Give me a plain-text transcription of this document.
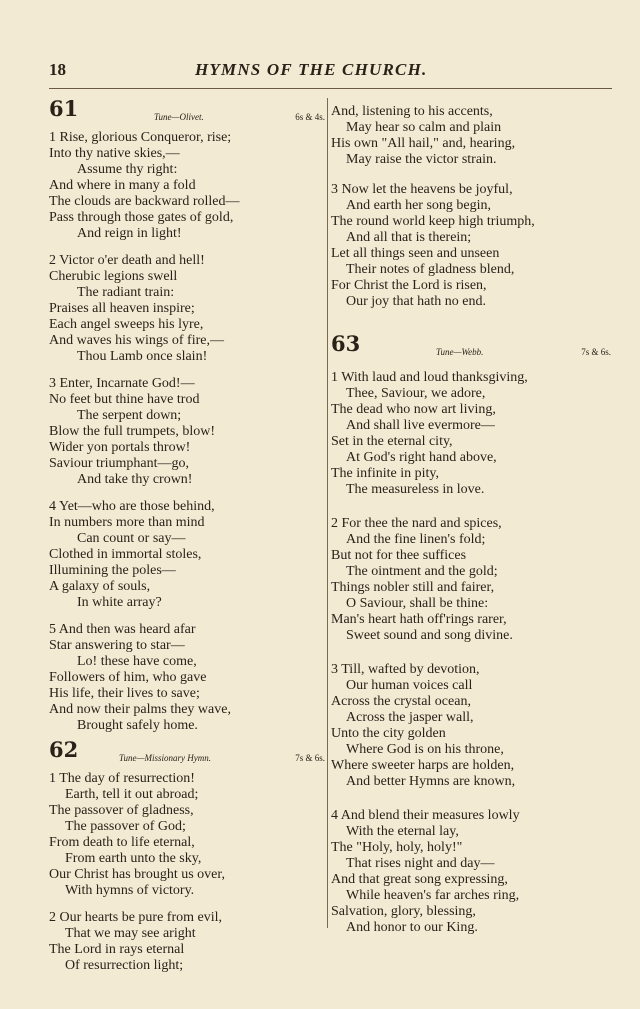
18	HYMNS OF THE CHURCH.
61	Tune—Olivet.	6s & 4s.
1 Rise, glorious Conqueror, rise;
Into thy native skies,—
Assume thy right:
And where in many a fold
The clouds are backward rolled—
Pass through those gates of gold,
And reign in light!
2 Victor o'er death and hell!
Cherubic legions swell
The radiant train:
Praises all heaven inspire;
Each angel sweeps his lyre,
And waves his wings of fire,—
Thou Lamb once slain!
3 Enter, Incarnate God!—
No feet but thine have trod
The serpent down;
Blow the full trumpets, blow!
Wider yon portals throw!
Saviour triumphant—go,
And take thy crown!
4 Yet—who are those behind,
In numbers more than mind
Can count or say—
Clothed in immortal stoles,
Illumining the poles—
A galaxy of souls,
In white array?
5 And then was heard afar
Star answering to star—
Lo! these have come,
Followers of him, who gave
His life, their lives to save;
And now their palms they wave,
Brought safely home.
62	Tune—Missionary Hymn.	7s & 6s.
1 The day of resurrection!
Earth, tell it out abroad;
The passover of gladness,
The passover of God;
From death to life eternal,
From earth unto the sky,
Our Christ has brought us over,
With hymns of victory.
2 Our hearts be pure from evil,
That we may see aright
The Lord in rays eternal
Of resurrection light;
And, listening to his accents,
May hear so calm and plain
His own "All hail," and, hearing,
May raise the victor strain.
3 Now let the heavens be joyful,
And earth her song begin,
The round world keep high triumph,
And all that is therein;
Let all things seen and unseen
Their notes of gladness blend,
For Christ the Lord is risen,
Our joy that hath no end.
63	Tune—Webb.	7s & 6s.
1 With laud and loud thanksgiving,
Thee, Saviour, we adore,
The dead who now art living,
And shall live evermore—
Set in the eternal city,
At God's right hand above,
The infinite in pity,
The measureless in love.
2 For thee the nard and spices,
And the fine linen's fold;
But not for thee suffices
The ointment and the gold;
Things nobler still and fairer,
O Saviour, shall be thine:
Man's heart hath off'rings rarer,
Sweet sound and song divine.
3 Till, wafted by devotion,
Our human voices call
Across the crystal ocean,
Across the jasper wall,
Unto the city golden
Where God is on his throne,
Where sweeter harps are holden,
And better Hymns are known,
4 And blend their measures lowly
With the eternal lay,
The "Holy, holy, holy!"
That rises night and day—
And that great song expressing,
While heaven's far arches ring,
Salvation, glory, blessing,
And honor to our King.
